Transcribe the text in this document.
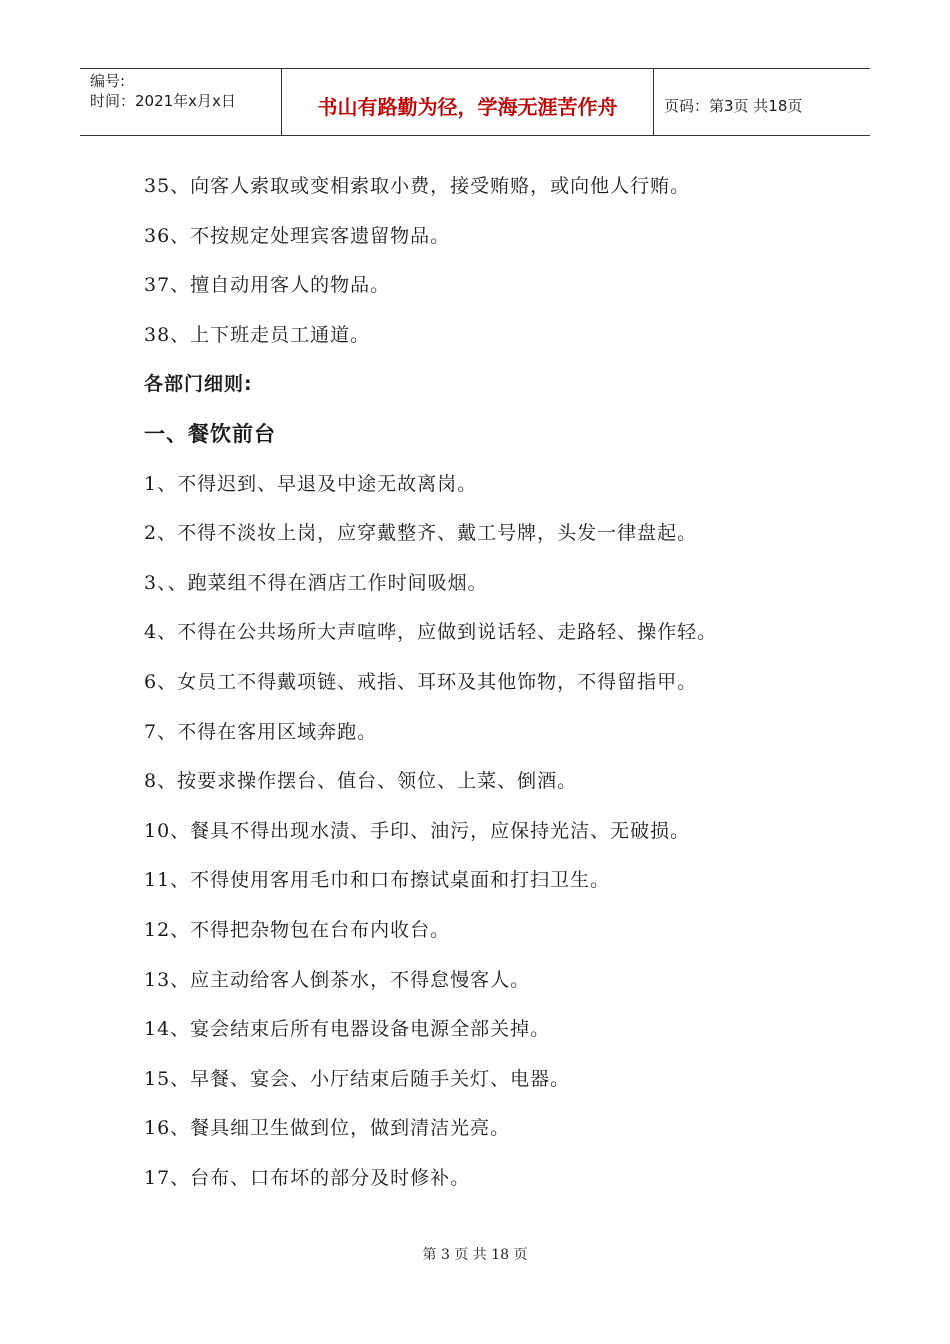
编号:
时间：2021年x月x日	书山有路勤为径，学海无涯苦作舟	页码：第3页 共18页
35、向客人索取或变相索取小费，接受贿赂，或向他人行贿。
36、不按规定处理宾客遗留物品。
37、擅自动用客人的物品。
38、上下班走员工通道。
各部门细则:
一、餐饮前台
1、不得迟到、早退及中途无故离岗。
2、不得不淡妆上岗，应穿戴整齐、戴工号牌，头发一律盘起。
3、、跑菜组不得在酒店工作时间吸烟。
4、不得在公共场所大声喧哗，应做到说话轻、走路轻、操作轻。
6、女员工不得戴项链、戒指、耳环及其他饰物，不得留指甲。
7、不得在客用区域奔跑。
8、按要求操作摆台、值台、领位、上菜、倒酒。
10、餐具不得出现水渍、手印、油污，应保持光洁、无破损。
11、不得使用客用毛巾和口布擦试桌面和打扫卫生。
12、不得把杂物包在台布内收台。
13、应主动给客人倒茶水，不得怠慢客人。
14、宴会结束后所有电器设备电源全部关掉。
15、早餐、宴会、小厅结束后随手关灯、电器。
16、餐具细卫生做到位，做到清洁光亮。
17、台布、口布坏的部分及时修补。
第 3 页 共 18 页
